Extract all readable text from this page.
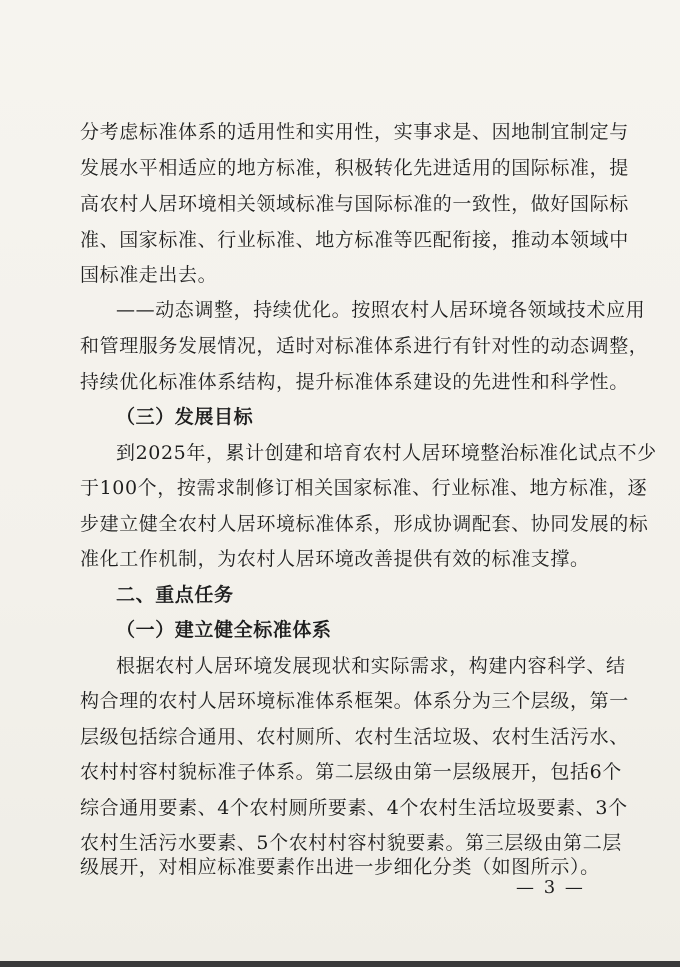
分考虑标准体系的适用性和实用性，实事求是、因地制宜制定与
发展水平相适应的地方标准，积极转化先进适用的国际标准，提
高农村人居环境相关领域标准与国际标准的一致性，做好国际标
准、国家标准、行业标准、地方标准等匹配衔接，推动本领域中
国标准走出去。
——动态调整，持续优化。按照农村人居环境各领域技术应用
和管理服务发展情况，适时对标准体系进行有针对性的动态调整，
持续优化标准体系结构，提升标准体系建设的先进性和科学性。
（三）发展目标
到2025年，累计创建和培育农村人居环境整治标准化试点不少
于100个，按需求制修订相关国家标准、行业标准、地方标准，逐
步建立健全农村人居环境标准体系，形成协调配套、协同发展的标
准化工作机制，为农村人居环境改善提供有效的标准支撑。
二、重点任务
（一）建立健全标准体系
根据农村人居环境发展现状和实际需求，构建内容科学、结
构合理的农村人居环境标准体系框架。体系分为三个层级，第一
层级包括综合通用、农村厕所、农村生活垃圾、农村生活污水、
农村村容村貌标准子体系。第二层级由第一层级展开，包括6个
综合通用要素、4个农村厕所要素、4个农村生活垃圾要素、3个
农村生活污水要素、5个农村村容村貌要素。第三层级由第二层
级展开，对相应标准要素作出进一步细化分类（如图所示）。
— 3 —
